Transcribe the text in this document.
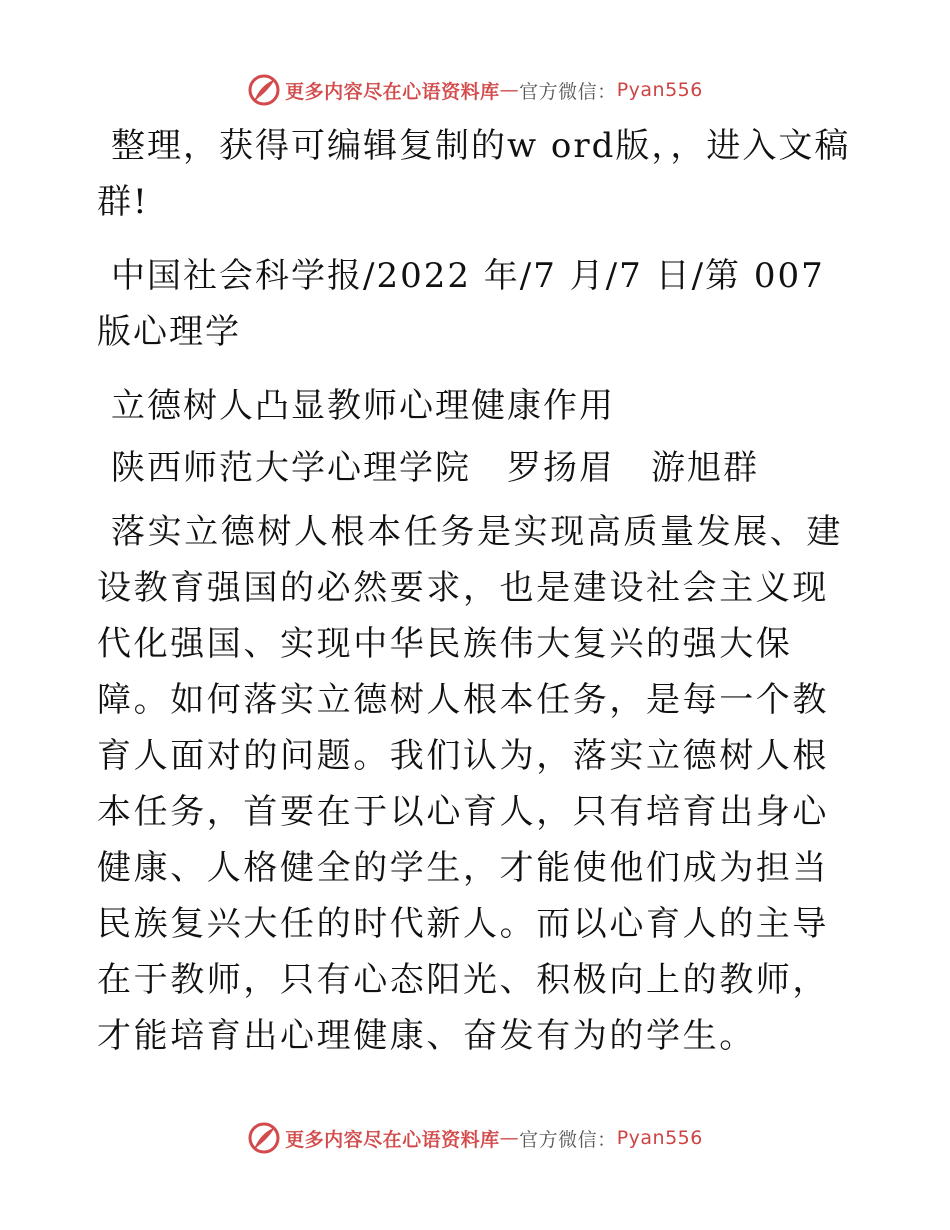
更多内容尽在心语资料库 — 官方微信： Pyan556

整理，获得可编辑复制的w ord版，，进入文稿群!

中国社会科学报/2022 年/7 月/7 日/第 007 版心理学

立德树人凸显教师心理健康作用

陕西师范大学心理学院　罗扬眉　游旭群

落实立德树人根本任务是实现高质量发展、建设教育强国的必然要求，也是建设社会主义现代化强国、实现中华民族伟大复兴的强大保障。如何落实立德树人根本任务，是每一个教育人面对的问题。我们认为，落实立德树人根本任务，首要在于以心育人，只有培育出身心健康、人格健全的学生，才能使他们成为担当民族复兴大任的时代新人。而以心育人的主导在于教师，只有心态阳光、积极向上的教师，才能培育出心理健康、奋发有为的学生。

更多内容尽在心语资料库 — 官方微信： Pyan556
